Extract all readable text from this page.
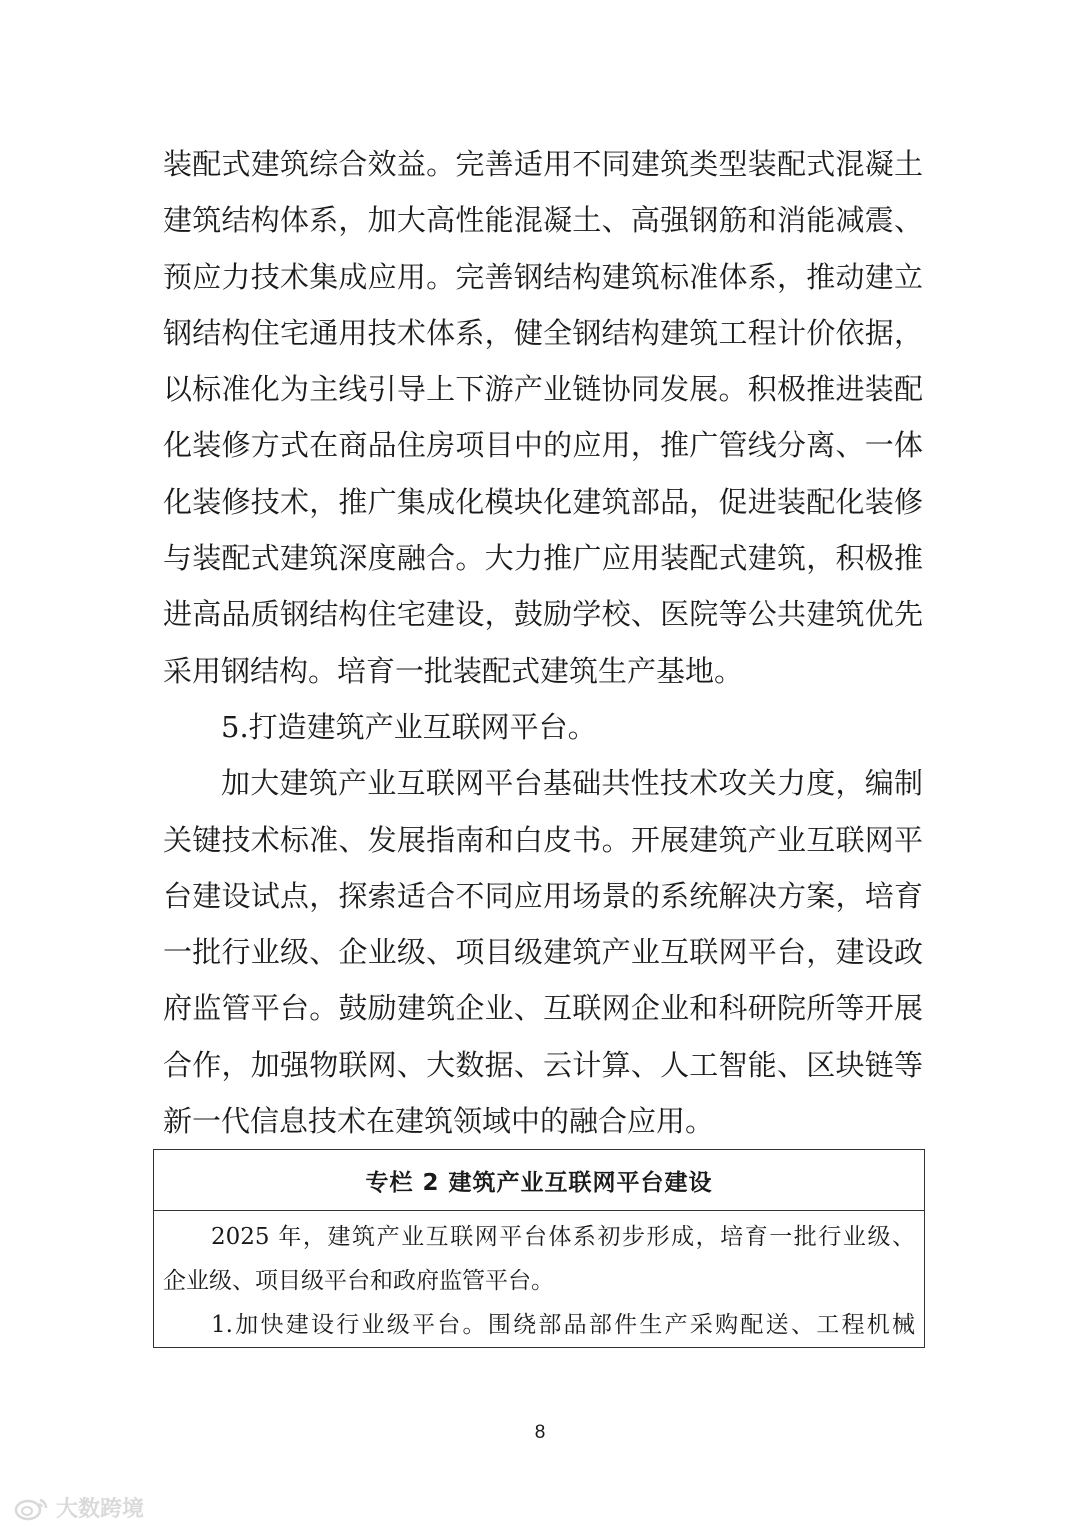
装配式建筑综合效益。完善适用不同建筑类型装配式混凝土
建筑结构体系，加大高性能混凝土、高强钢筋和消能减震、
预应力技术集成应用。完善钢结构建筑标准体系，推动建立
钢结构住宅通用技术体系，健全钢结构建筑工程计价依据，
以标准化为主线引导上下游产业链协同发展。积极推进装配
化装修方式在商品住房项目中的应用，推广管线分离、一体
化装修技术，推广集成化模块化建筑部品，促进装配化装修
与装配式建筑深度融合。大力推广应用装配式建筑，积极推
进高品质钢结构住宅建设，鼓励学校、医院等公共建筑优先
采用钢结构。培育一批装配式建筑生产基地。
5.打造建筑产业互联网平台。
加大建筑产业互联网平台基础共性技术攻关力度，编制
关键技术标准、发展指南和白皮书。开展建筑产业互联网平
台建设试点，探索适合不同应用场景的系统解决方案，培育
一批行业级、企业级、项目级建筑产业互联网平台，建设政
府监管平台。鼓励建筑企业、互联网企业和科研院所等开展
合作，加强物联网、大数据、云计算、人工智能、区块链等
新一代信息技术在建筑领域中的融合应用。
专栏 2 建筑产业互联网平台建设
2025 年，建筑产业互联网平台体系初步形成，培育一批行业级、
企业级、项目级平台和政府监管平台。
1.加快建设行业级平台。围绕部品部件生产采购配送、工程机械
8
大数跨境
